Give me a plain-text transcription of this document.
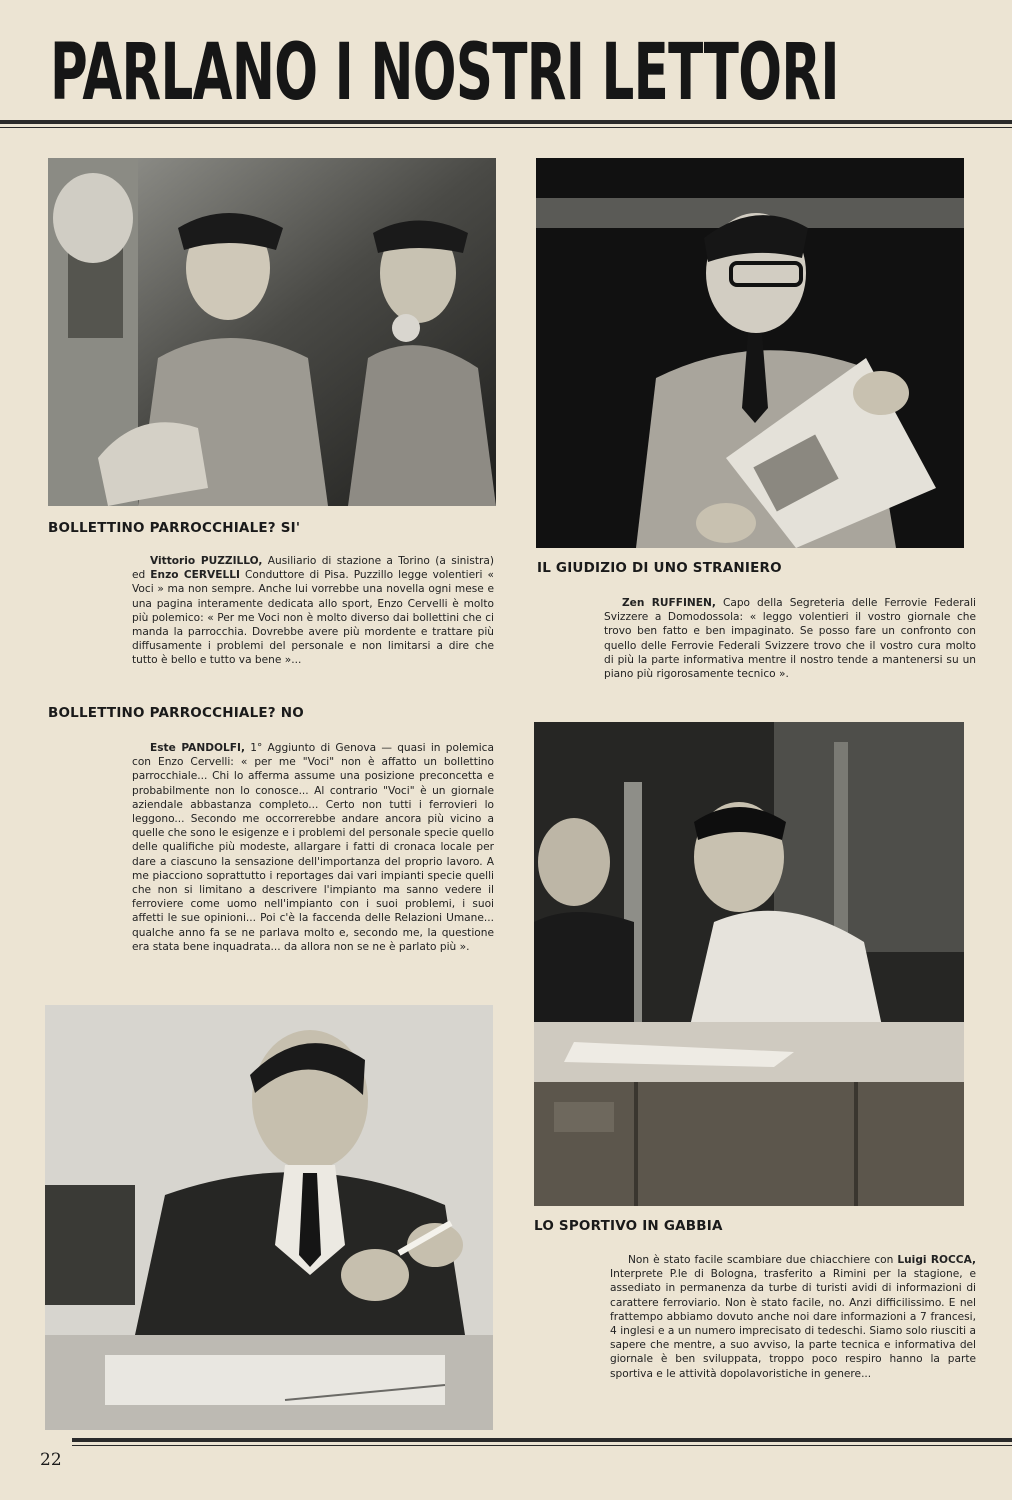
PARLANO I NOSTRI LETTORI
BOLLETTINO PARROCCHIALE? SI'

Vittorio PUZZILLO, Ausiliario di stazione a Torino (a sinistra) ed Enzo CERVELLI Conduttore di Pisa. Puzzillo legge volentieri « Voci » ma non sempre. Anche lui vorrebbe una novella ogni mese e una pagina interamente dedicata allo sport, Enzo Cervelli è molto più polemico: « Per me Voci non è molto diverso dai bollettini che ci manda la parrocchia. Dovrebbe avere più mordente e trattare più diffusamente i problemi del personale e non limitarsi a dire che tutto è bello e tutto va bene »...

IL GIUDIZIO DI UNO STRANIERO

Zen RUFFINEN, Capo della Segreteria delle Ferrovie Federali Svizzere a Domodossola: « leggo volentieri il vostro giornale che trovo ben fatto e ben impaginato. Se posso fare un confronto con quello delle Ferrovie Federali Svizzere trovo che il vostro cura molto di più la parte informativa mentre il nostro tende a mantenersi su un piano più rigorosamente tecnico ».

BOLLETTINO PARROCCHIALE? NO

Este PANDOLFI, 1° Aggiunto di Genova — quasi in polemica con Enzo Cervelli: « per me "Voci" non è affatto un bollettino parrocchiale... Chi lo afferma assume una posizione preconcetta e probabilmente non lo conosce... Al contrario "Voci" è un giornale aziendale abbastanza completo... Certo non tutti i ferrovieri lo leggono... Secondo me occorrerebbe andare ancora più vicino a quelle che sono le esigenze e i problemi del personale specie quello delle qualifiche più modeste, allargare i fatti di cronaca locale per dare a ciascuno la sensazione dell'importanza del proprio lavoro. A me piacciono soprattutto i reportages dai vari impianti specie quelli che non si limitano a descrivere l'impianto ma sanno vedere il ferroviere come uomo nell'impianto con i suoi problemi, i suoi affetti le sue opinioni... Poi c'è la faccenda delle Relazioni Umane... qualche anno fa se ne parlava molto e, secondo me, la questione era stata bene inquadrata... da allora non se ne è parlato più ».

LO SPORTIVO IN GABBIA

Non è stato facile scambiare due chiacchiere con Luigi ROCCA, Interprete P.le di Bologna, trasferito a Rimini per la stagione, e assediato in permanenza da turbe di turisti avidi di informazioni di carattere ferroviario. Non è stato facile, no. Anzi difficilissimo. E nel frattempo abbiamo dovuto anche noi dare informazioni a 7 francesi, 4 inglesi e a un numero imprecisato di tedeschi. Siamo solo riusciti a sapere che mentre, a suo avviso, la parte tecnica e informativa del giornale è ben sviluppata, troppo poco respiro hanno la parte sportiva e le attività dopolavoristiche in genere...

22
